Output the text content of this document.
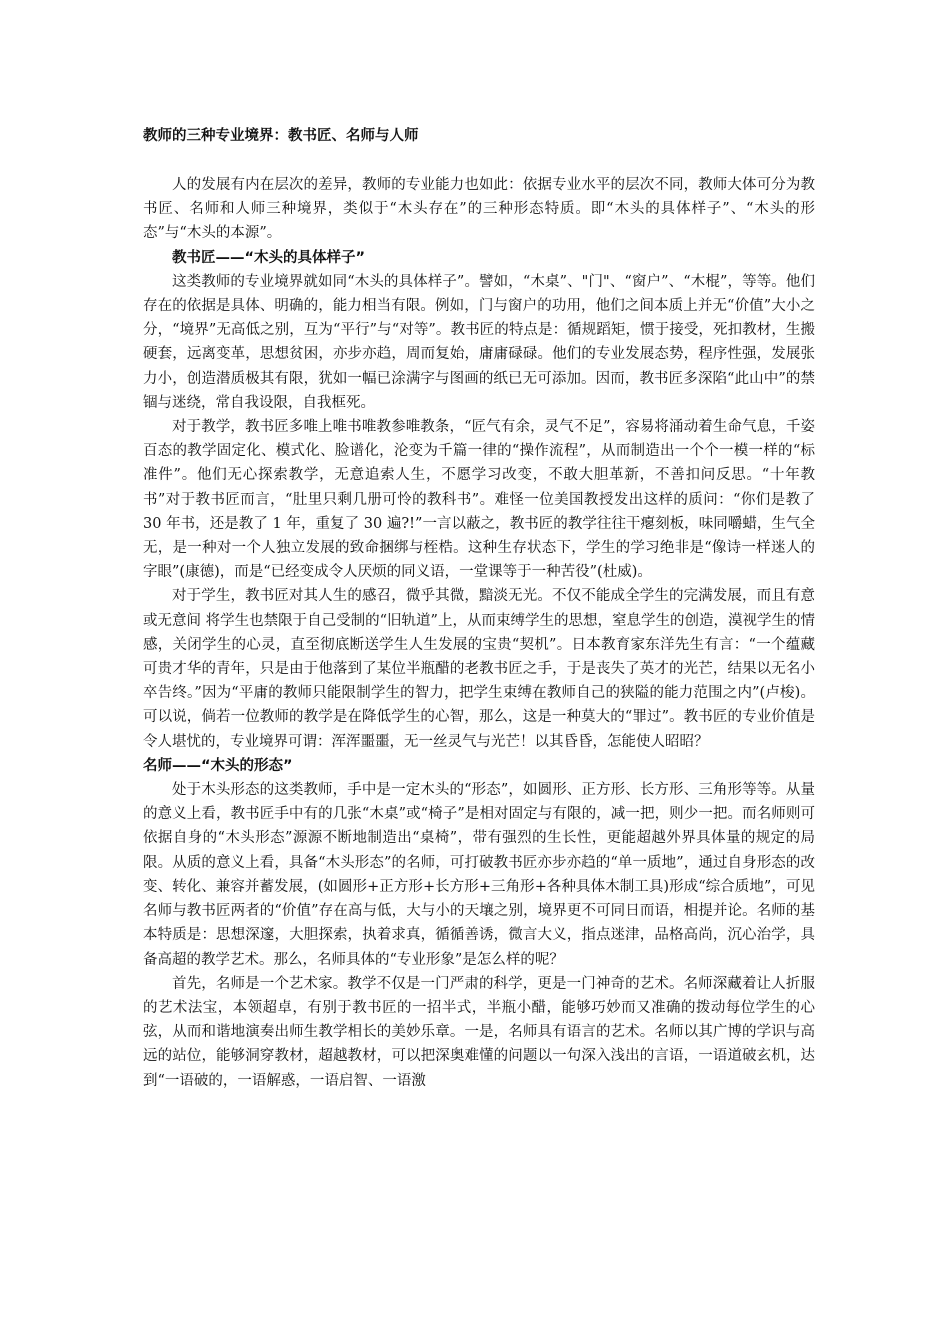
教师的三种专业境界：教书匠、名师与人师

人的发展有内在层次的差异，教师的专业能力也如此：依据专业水平的层次不同，教师大体可分为教书匠、名师和人师三种境界，类似于“木头存在”的三种形态特质。即“木头的具体样子”、“木头的形态”与“木头的本源”。

教书匠——“木头的具体样子”

这类教师的专业境界就如同“木头的具体样子”。譬如，“木桌”、"门"、“窗户”、“木棍”，等等。他们存在的依据是具体、明确的，能力相当有限。例如，门与窗户的功用，他们之间本质上并无“价值”大小之分，“境界”无高低之别，互为“平行”与“对等”。教书匠的特点是：循规蹈矩，惯于接受，死扣教材，生搬硬套，远离变革，思想贫困，亦步亦趋，周而复始，庸庸碌碌。他们的专业发展态势，程序性强，发展张力小，创造潜质极其有限，犹如一幅已涂满字与图画的纸已无可添加。因而，教书匠多深陷“此山中”的禁锢与迷绕，常自我设限，自我框死。

对于教学，教书匠多唯上唯书唯教参唯教条，“匠气有余，灵气不足”，容易将涌动着生命气息，千姿百态的教学固定化、模式化、脸谱化，沦变为千篇一律的“操作流程”，从而制造出一个个一模一样的“标准件”。他们无心探索教学，无意追索人生，不愿学习改变，不敢大胆革新，不善扣问反思。“十年教书”对于教书匠而言，“肚里只剩几册可怜的教科书”。难怪一位美国教授发出这样的质问：“你们是教了 30 年书，还是教了 1 年，重复了 30 遍?!”一言以蔽之，教书匠的教学往往干瘪刻板，味同嚼蜡，生气全无，是一种对一个人独立发展的致命捆绑与桎梏。这种生存状态下，学生的学习绝非是“像诗一样迷人的字眼”(康德)，而是“已经变成令人厌烦的同义语，一堂课等于一种苦役”(杜威)。

对于学生，教书匠对其人生的感召，微乎其微，黯淡无光。不仅不能成全学生的完满发展，而且有意或无意间 将学生也禁限于自己受制的“旧轨道”上，从而束缚学生的思想，窒息学生的创造，漠视学生的情感，关闭学生的心灵，直至彻底断送学生人生发展的宝贵“契机”。日本教育家东洋先生有言：“一个蕴藏可贵才华的青年，只是由于他落到了某位半瓶醋的老教书匠之手，于是丧失了英才的光芒，结果以无名小卒告终。”因为“平庸的教师只能限制学生的智力，把学生束缚在教师自己的狭隘的能力范围之内”(卢梭)。可以说，倘若一位教师的教学是在降低学生的心智，那么，这是一种莫大的“罪过”。教书匠的专业价值是令人堪忧的，专业境界可谓：浑浑噩噩，无一丝灵气与光芒！以其昏昏，怎能使人昭昭？

名师——“木头的形态”

处于木头形态的这类教师，手中是一定木头的“形态”，如圆形、正方形、长方形、三角形等等。从量的意义上看，教书匠手中有的几张“木桌”或“椅子”是相对固定与有限的，减一把，则少一把。而名师则可依据自身的“木头形态”源源不断地制造出“桌椅”，带有强烈的生长性，更能超越外界具体量的规定的局限。从质的意义上看，具备“木头形态”的名师，可打破教书匠亦步亦趋的“单一质地”，通过自身形态的改变、转化、兼容并蓄发展，(如圆形+正方形+长方形+三角形+各种具体木制工具)形成“综合质地”，可见名师与教书匠两者的“价值”存在高与低，大与小的天壤之别，境界更不可同日而语，相提并论。名师的基本特质是：思想深邃，大胆探索，执着求真，循循善诱，微言大义，指点迷津，品格高尚，沉心治学，具备高超的教学艺术。那么，名师具体的“专业形象”是怎么样的呢？

首先，名师是一个艺术家。教学不仅是一门严肃的科学，更是一门神奇的艺术。名师深藏着让人折服的艺术法宝，本领超卓，有别于教书匠的一招半式，半瓶小醋，能够巧妙而又准确的拨动每位学生的心弦，从而和谐地演奏出师生教学相长的美妙乐章。一是，名师具有语言的艺术。名师以其广博的学识与高远的站位，能够洞穿教材，超越教材，可以把深奥难懂的问题以一句深入浅出的言语，一语道破玄机，达到“一语破的，一语解惑，一语启智、一语激
